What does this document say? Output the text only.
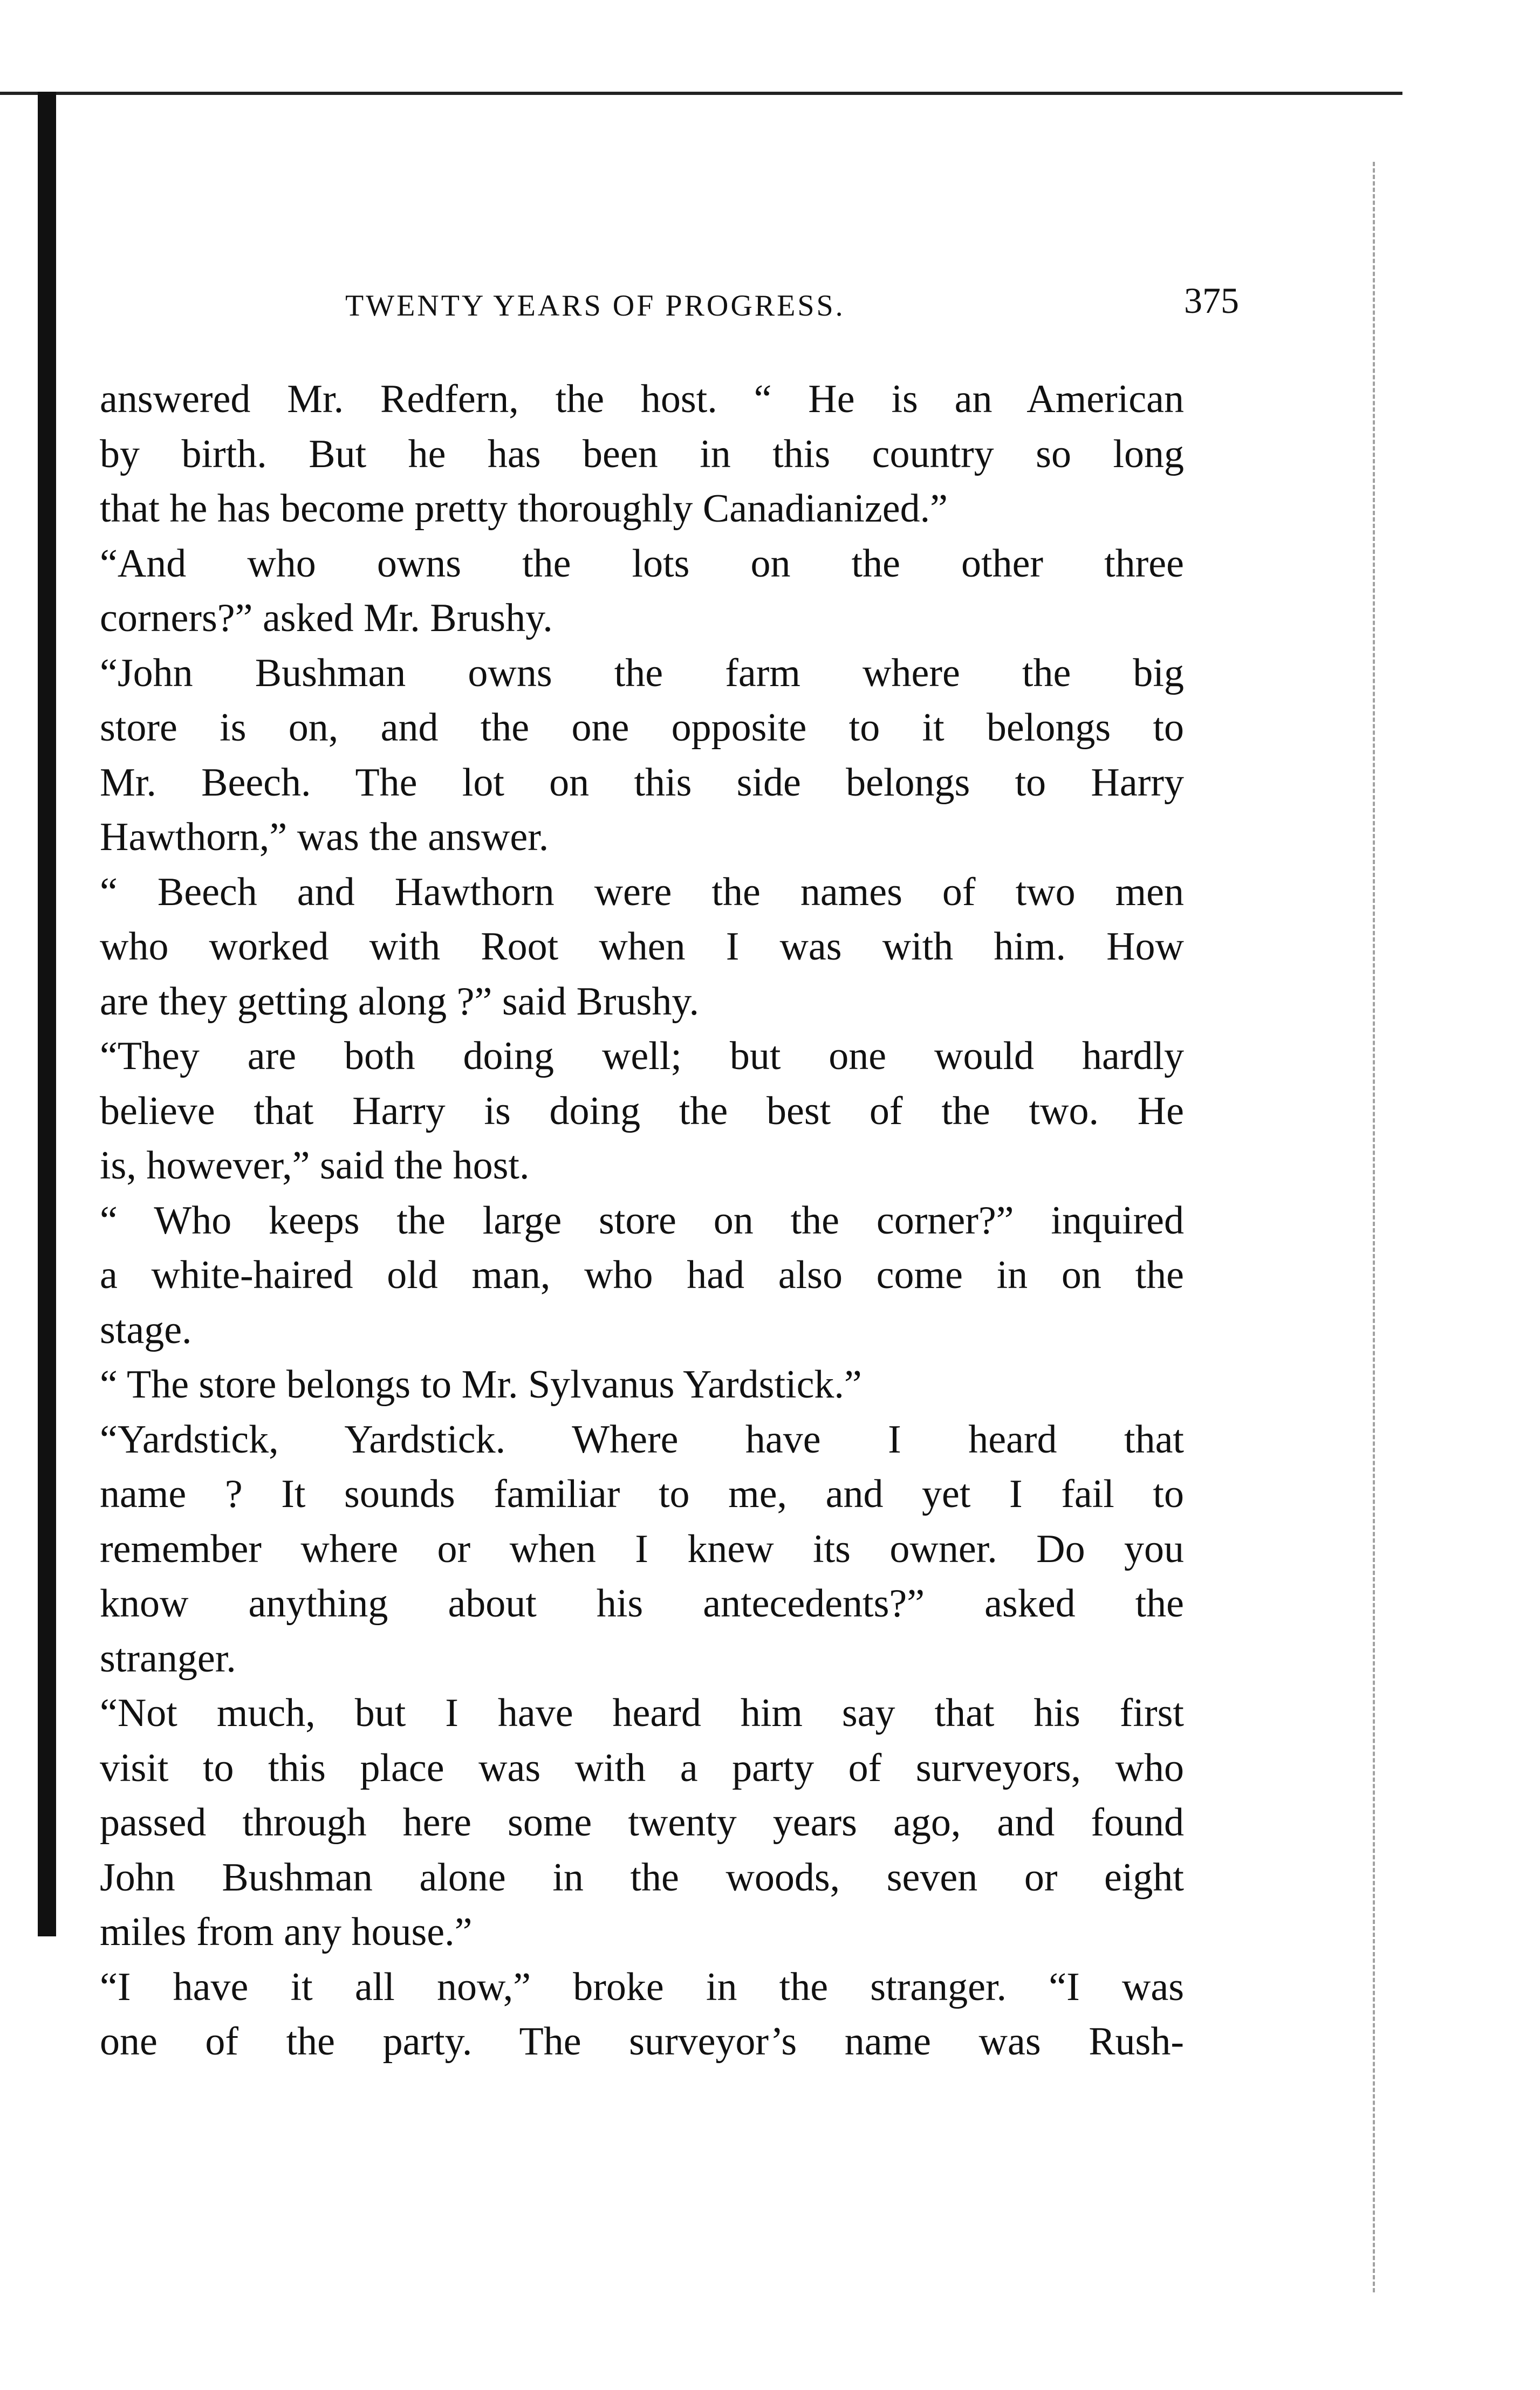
TWENTY YEARS OF PROGRESS.	375
answered Mr. Redfern, the host. “ He is an American
by birth. But he has been in this country so long
that he has become pretty thoroughly Canadianized.”
“And who owns the lots on the other three
corners?” asked Mr. Brushy.
“John Bushman owns the farm where the big
store is on, and the one opposite to it belongs to
Mr. Beech. The lot on this side belongs to Harry
Hawthorn,” was the answer.
“ Beech and Hawthorn were the names of two men
who worked with Root when I was with him. How
are they getting along ?” said Brushy.
“They are both doing well; but one would hardly
believe that Harry is doing the best of the two. He
is, however,” said the host.
“ Who keeps the large store on the corner?” inquired
a white-haired old man, who had also come in on the
stage.
“ The store belongs to Mr. Sylvanus Yardstick.”
“Yardstick, Yardstick. Where have I heard that
name ? It sounds familiar to me, and yet I fail to
remember where or when I knew its owner. Do you
know anything about his antecedents?” asked the
stranger.
“Not much, but I have heard him say that his first
visit to this place was with a party of surveyors, who
passed through here some twenty years ago, and found
John Bushman alone in the woods, seven or eight
miles from any house.”
“I have it all now,” broke in the stranger. “I was
one of the party. The surveyor’s name was Rush-
